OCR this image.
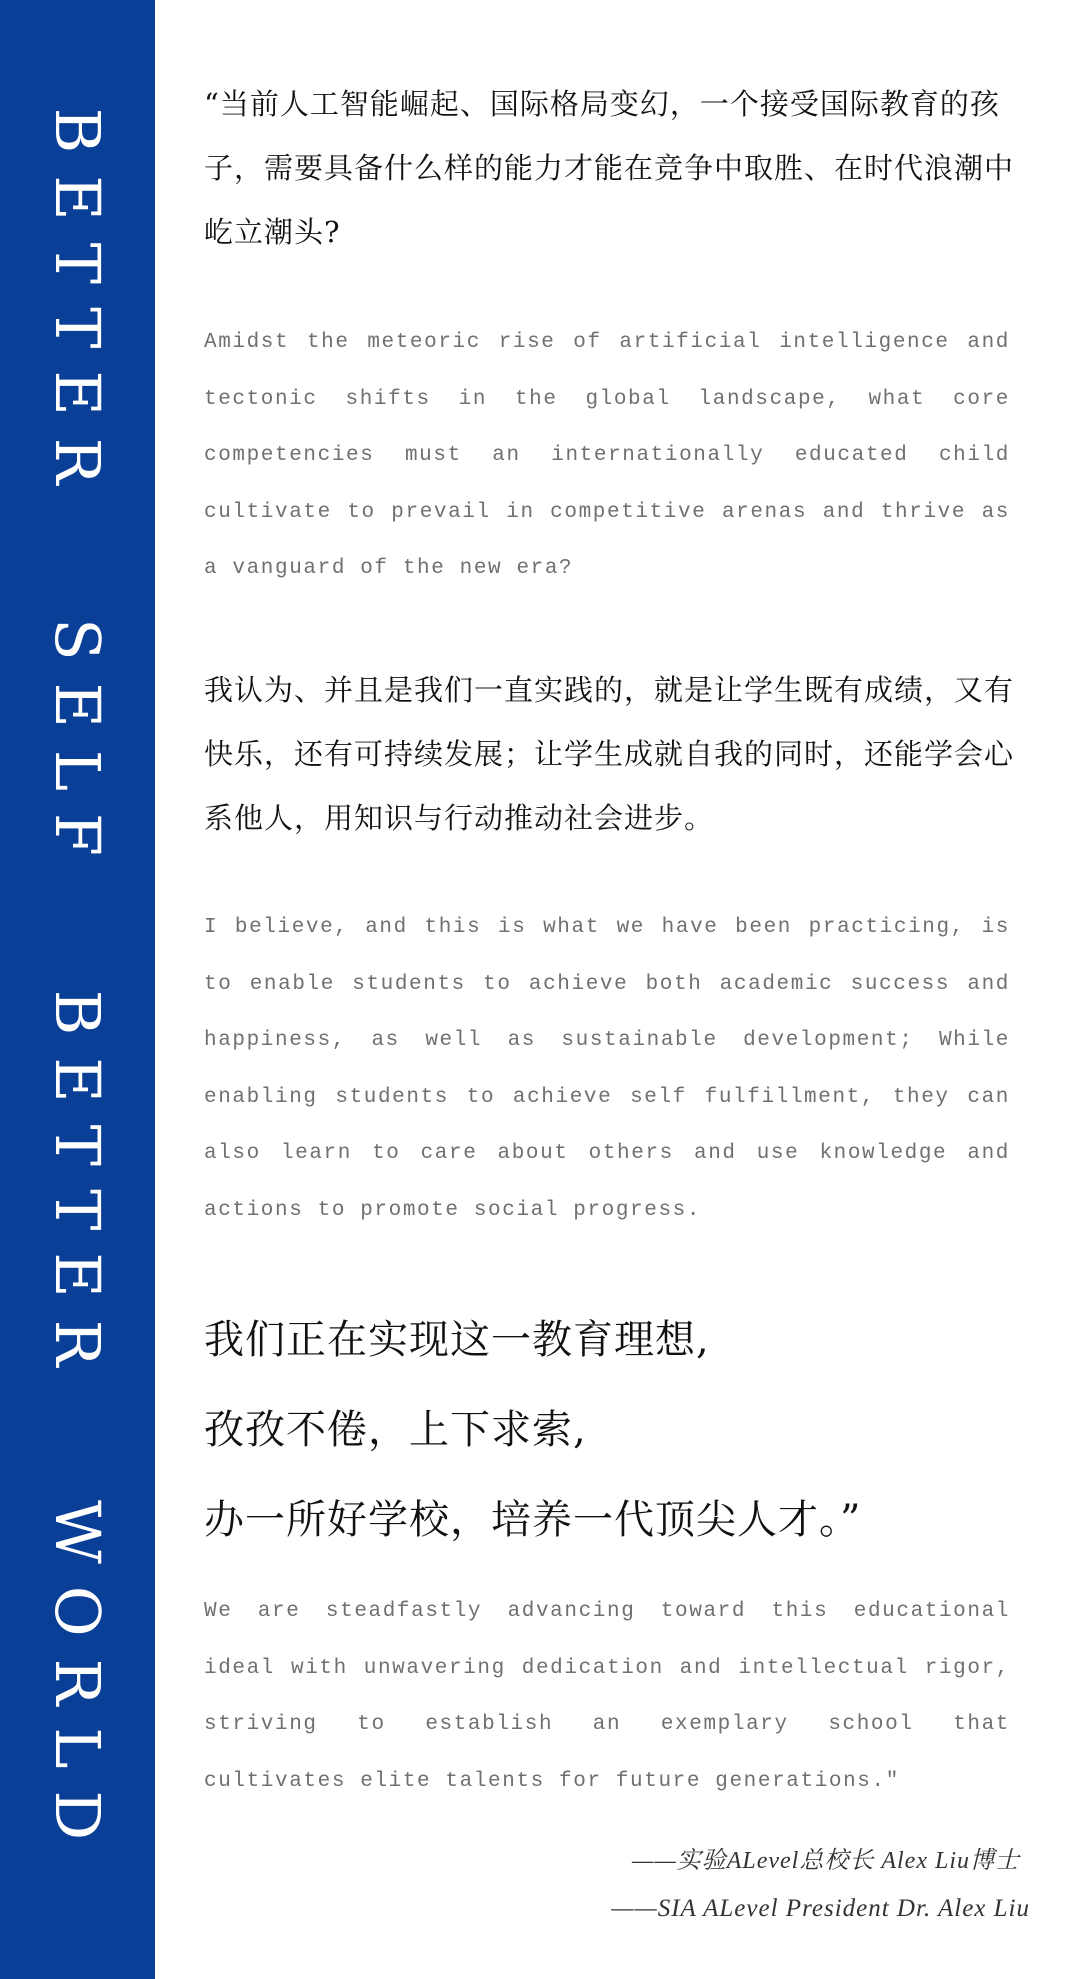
BETTER SELF BETTER WORLD

“当前人工智能崛起、国际格局变幻，一个接受国际教育的孩子，需要具备什么样的能力才能在竞争中取胜、在时代浪潮中屹立潮头?

Amidst the meteoric rise of artificial intelligence and tectonic shifts in the global landscape, what core competencies must an internationally educated child cultivate to prevail in competitive arenas and thrive as a vanguard of the new era?

我认为、并且是我们一直实践的，就是让学生既有成绩，又有快乐，还有可持续发展；让学生成就自我的同时，还能学会心系他人，用知识与行动推动社会进步。

I believe, and this is what we have been practicing, is to enable students to achieve both academic success and happiness, as well as sustainable development; While enabling students to achieve self fulfillment, they can also learn to care about others and use knowledge and actions to promote social progress.

我们正在实现这一教育理想,
孜孜不倦，上下求索,
办一所好学校，培养一代顶尖人才。”

We are steadfastly advancing toward this educational ideal with unwavering dedication and intellectual rigor, striving to establish an exemplary school that cultivates elite talents for future generations."

——实验ALevel总校长 Alex Liu博士

——SIA ALevel President Dr. Alex Liu
